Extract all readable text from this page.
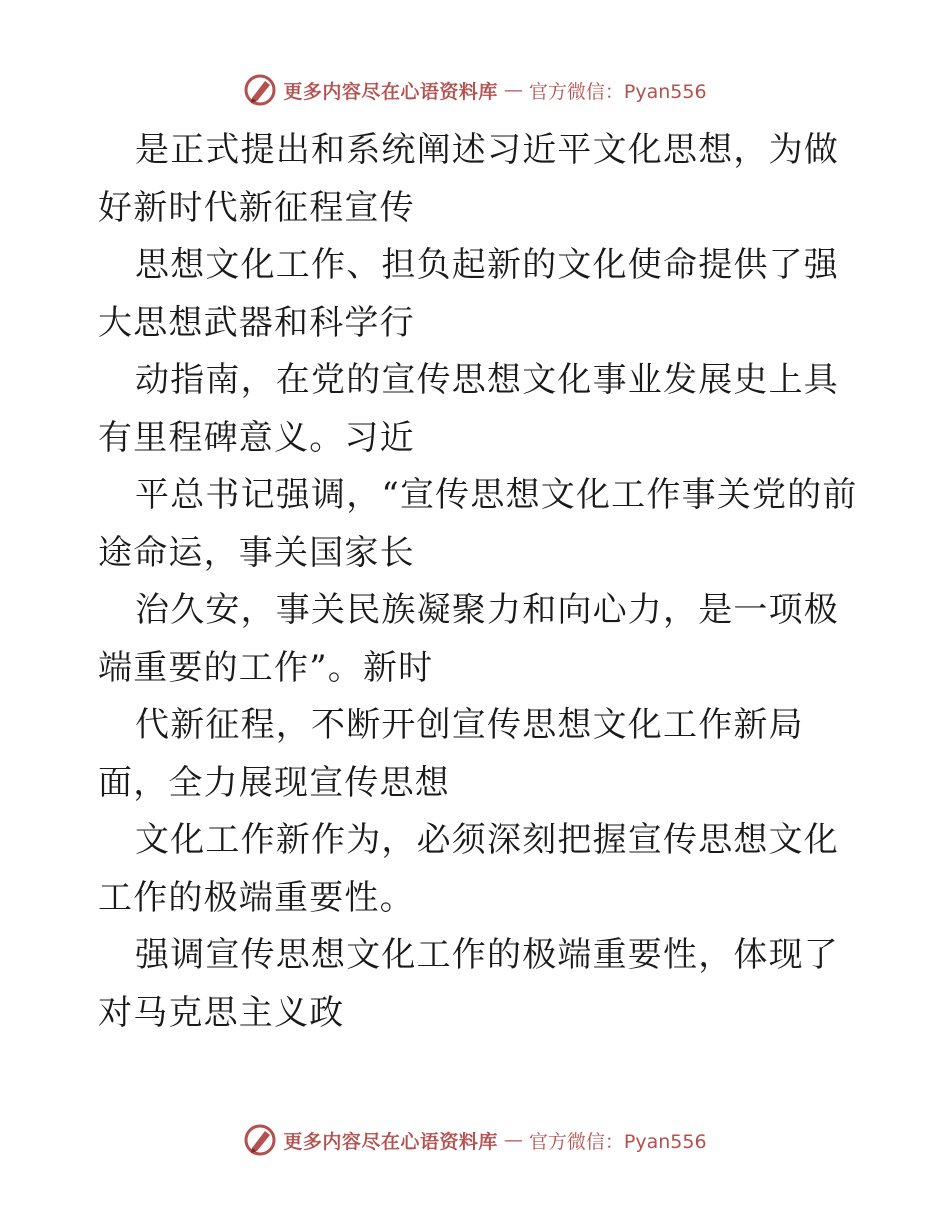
更多内容尽在心语资料库 — 官方微信：Pyan556

是正式提出和系统阐述习近平文化思想，为做好新时代新征程宣传

思想文化工作、担负起新的文化使命提供了强大思想武器和科学行

动指南，在党的宣传思想文化事业发展史上具有里程碑意义。习近

平总书记强调，“宣传思想文化工作事关党的前途命运，事关国家长

治久安，事关民族凝聚力和向心力，是一项极端重要的工作”。新时

代新征程，不断开创宣传思想文化工作新局面，全力展现宣传思想

文化工作新作为，必须深刻把握宣传思想文化工作的极端重要性。

强调宣传思想文化工作的极端重要性，体现了对马克思主义政

更多内容尽在心语资料库 — 官方微信：Pyan556
